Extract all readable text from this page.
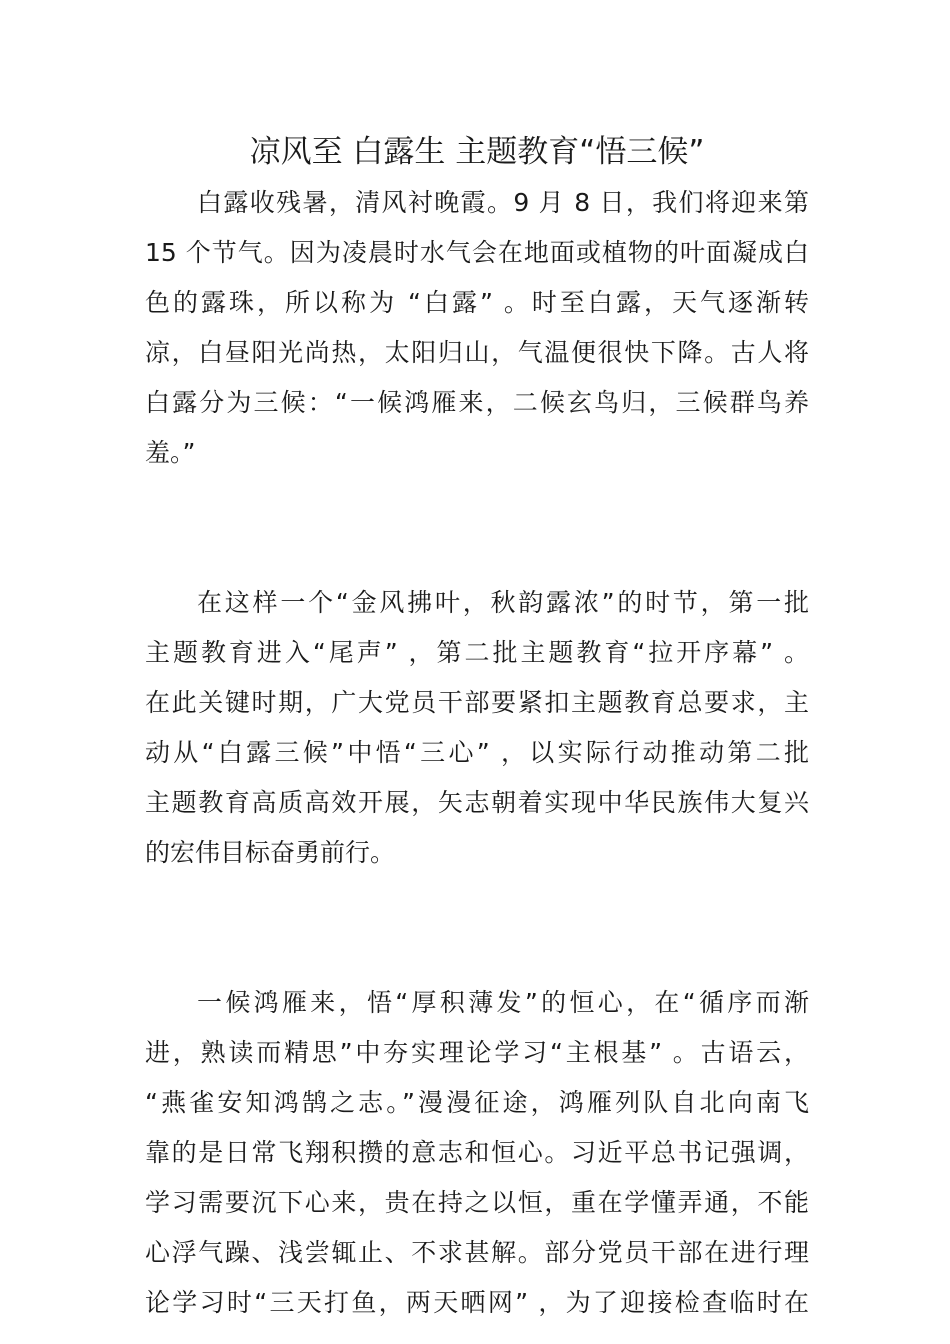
凉风至 白露生 主题教育“悟三候”
白露收残暑，清风衬晚霞。9 月 8 日，我们将迎来第
15 个节气。因为凌晨时水气会在地面或植物的叶面凝成白
色的露珠，所以称为 “白露” 。时至白露，天气逐渐转
凉，白昼阳光尚热，太阳归山，气温便很快下降。古人将
白露分为三候：“一候鸿雁来，二候玄鸟归，三候群鸟养
羞。”
在这样一个“金风拂叶，秋韵露浓”的时节，第一批
主题教育进入“尾声” ，第二批主题教育“拉开序幕” 。
在此关键时期，广大党员干部要紧扣主题教育总要求，主
动从“白露三候”中悟“三心” ，以实际行动推动第二批
主题教育高质高效开展，矢志朝着实现中华民族伟大复兴
的宏伟目标奋勇前行。
一候鸿雁来，悟“厚积薄发”的恒心，在“循序而渐
进，熟读而精思”中夯实理论学习“主根基” 。古语云，
“燕雀安知鸿鹄之志。”漫漫征途，鸿雁列队自北向南飞
靠的是日常飞翔积攒的意志和恒心。习近平总书记强调，
学习需要沉下心来，贵在持之以恒，重在学懂弄通，不能
心浮气躁、浅尝辄止、不求甚解。部分党员干部在进行理
论学习时“三天打鱼，两天晒网” ，为了迎接检查临时在
